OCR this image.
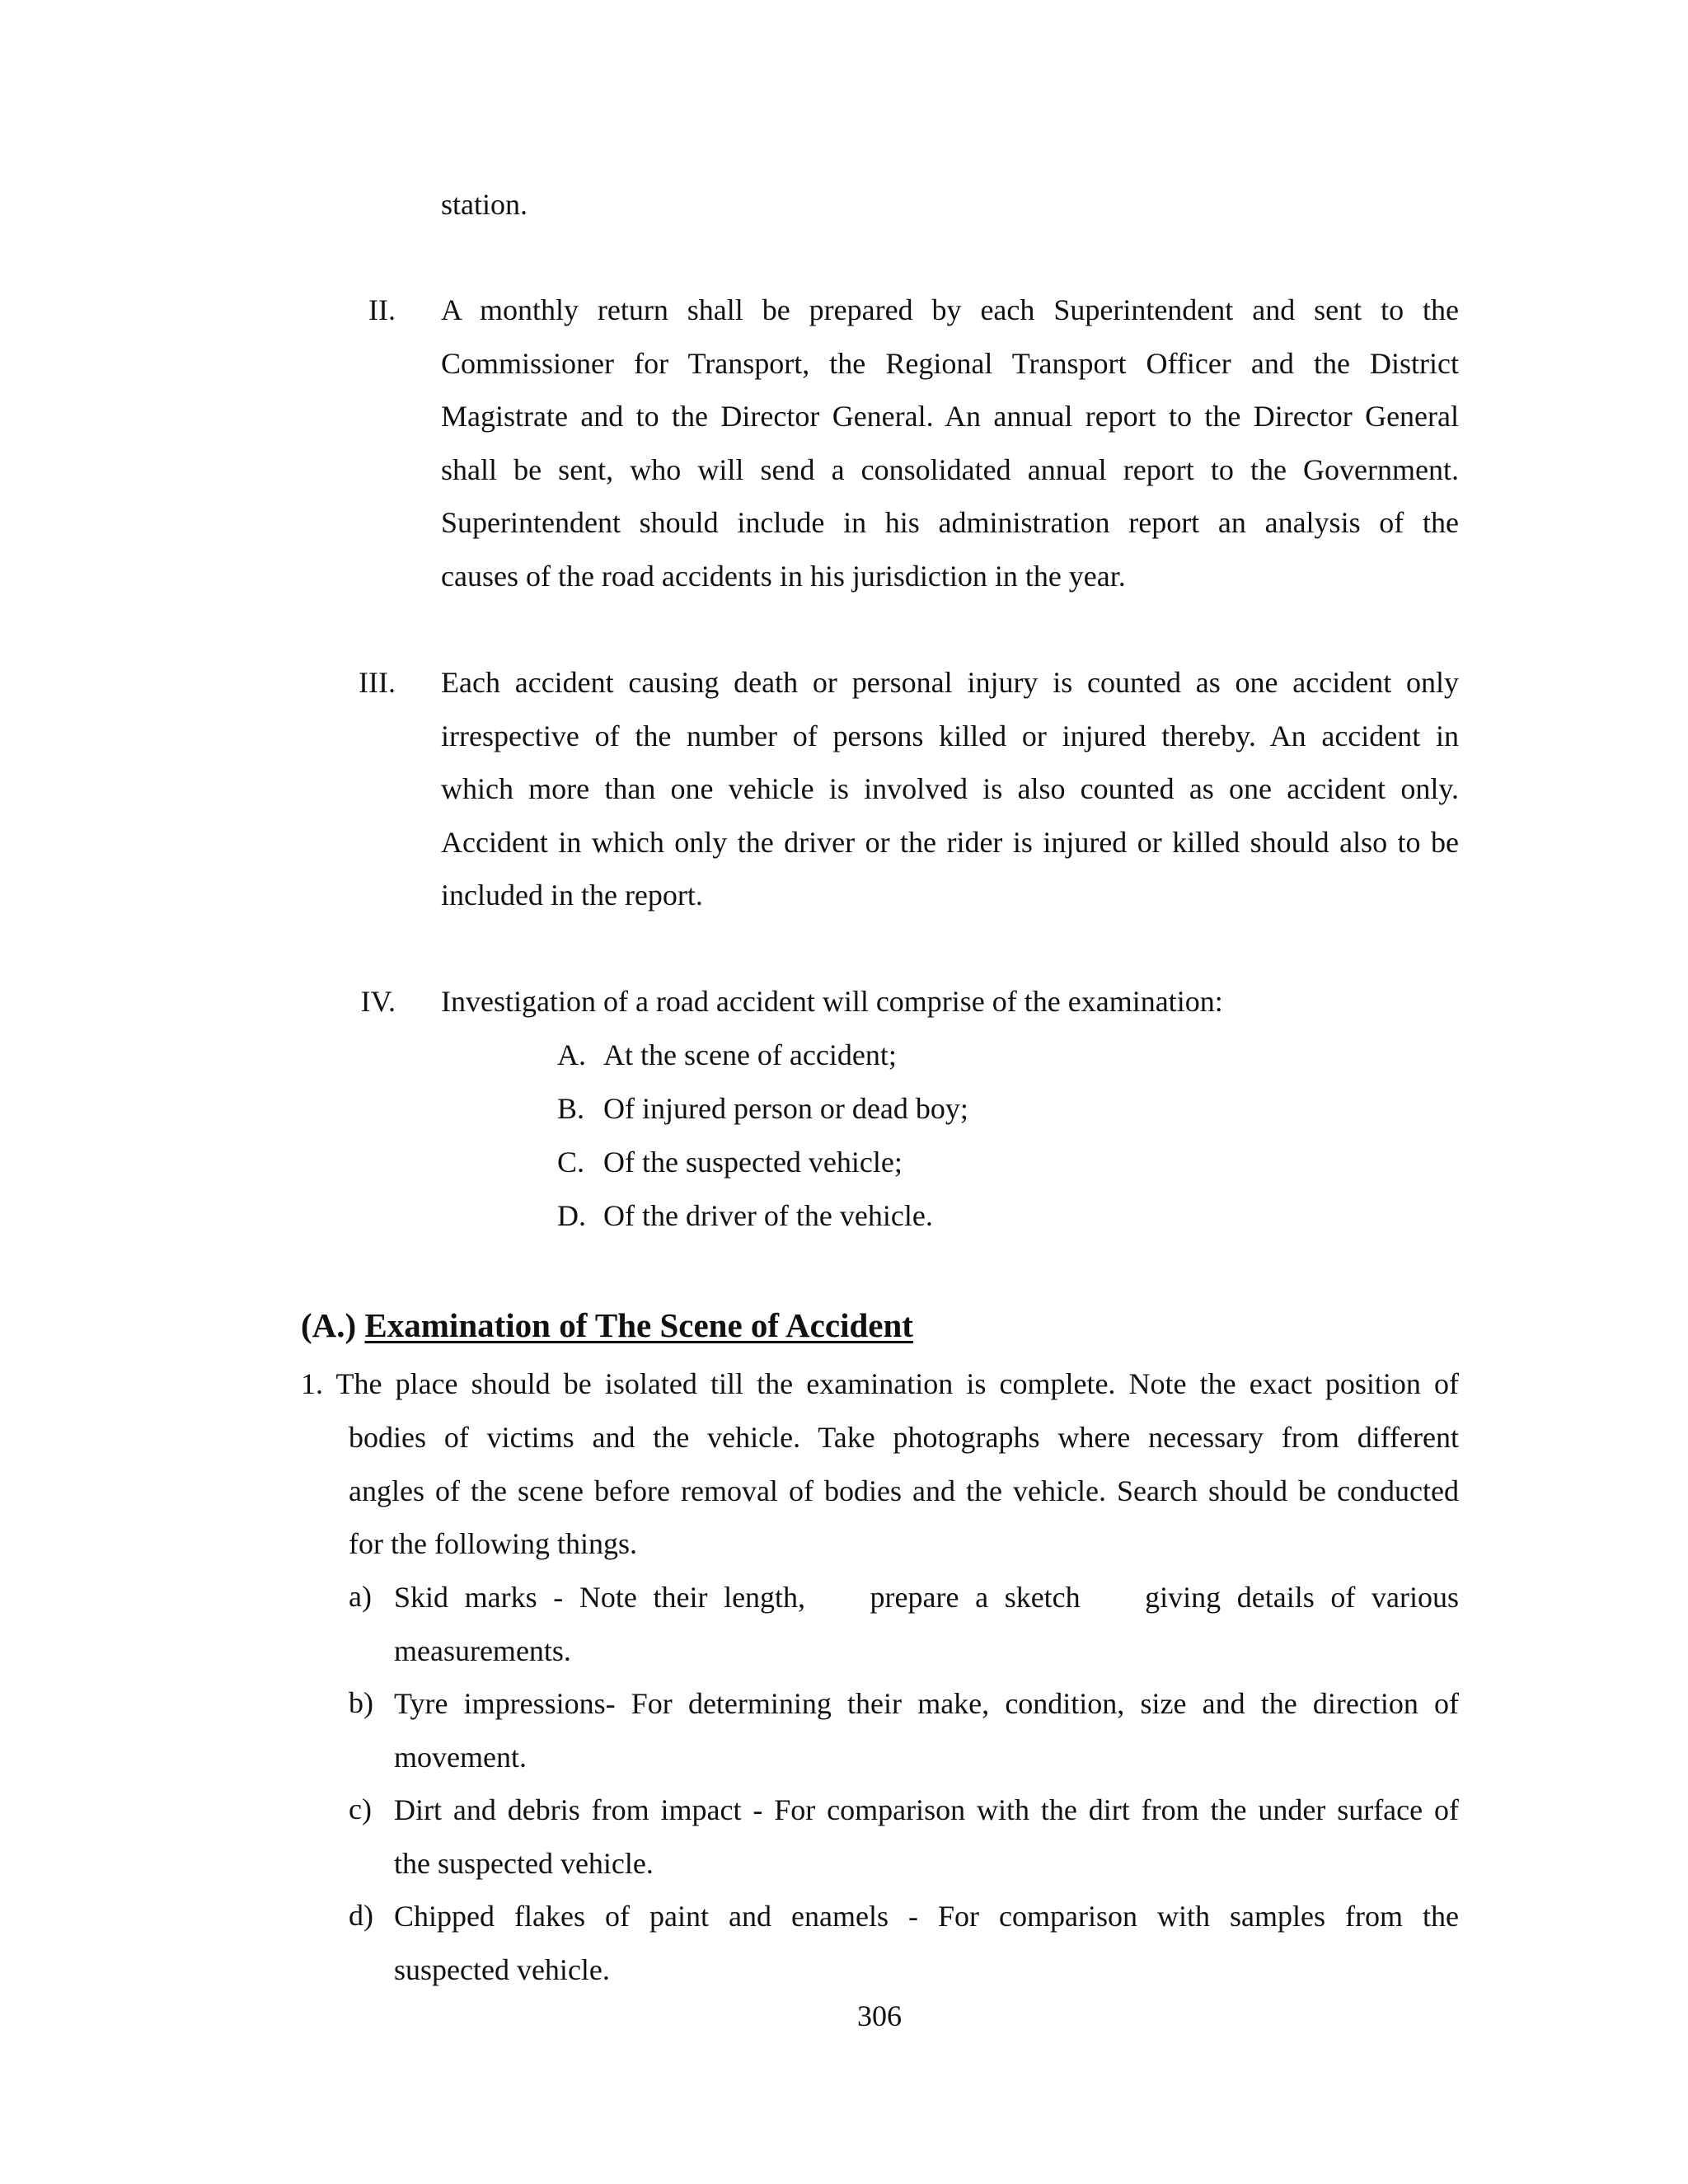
station.
II. A monthly return shall be prepared by each Superintendent and sent to the
Commissioner for Transport, the Regional Transport Officer and the District
Magistrate and to the Director General. An annual report to the Director General
shall be sent, who will send a consolidated annual report to the Government.
Superintendent should include in his administration report an analysis of the
causes of the road accidents in his jurisdiction in the year.
III. Each accident causing death or personal injury is counted as one accident only
irrespective of the number of persons killed or injured thereby. An accident in
which more than one vehicle is involved is also counted as one accident only.
Accident in which only the driver or the rider is injured or killed should also to be
included in the report.
IV. Investigation of a road accident will comprise of the examination:
A. At the scene of accident;
B. Of injured person or dead boy;
C. Of the suspected vehicle;
D. Of the driver of the vehicle.
(A.) Examination of The Scene of Accident
1. The place should be isolated till the examination is complete. Note the exact position of
bodies of victims and the vehicle. Take photographs where necessary from different
angles of the scene before removal of bodies and the vehicle. Search should be conducted
for the following things.
a) Skid marks - Note their length,    prepare a sketch    giving details of various
measurements.
b) Tyre impressions- For determining their make, condition, size and the direction of
movement.
c) Dirt and debris from impact - For comparison with the dirt from the under surface of
the suspected vehicle.
d) Chipped flakes of paint and enamels - For comparison with samples from the
suspected vehicle.
306
